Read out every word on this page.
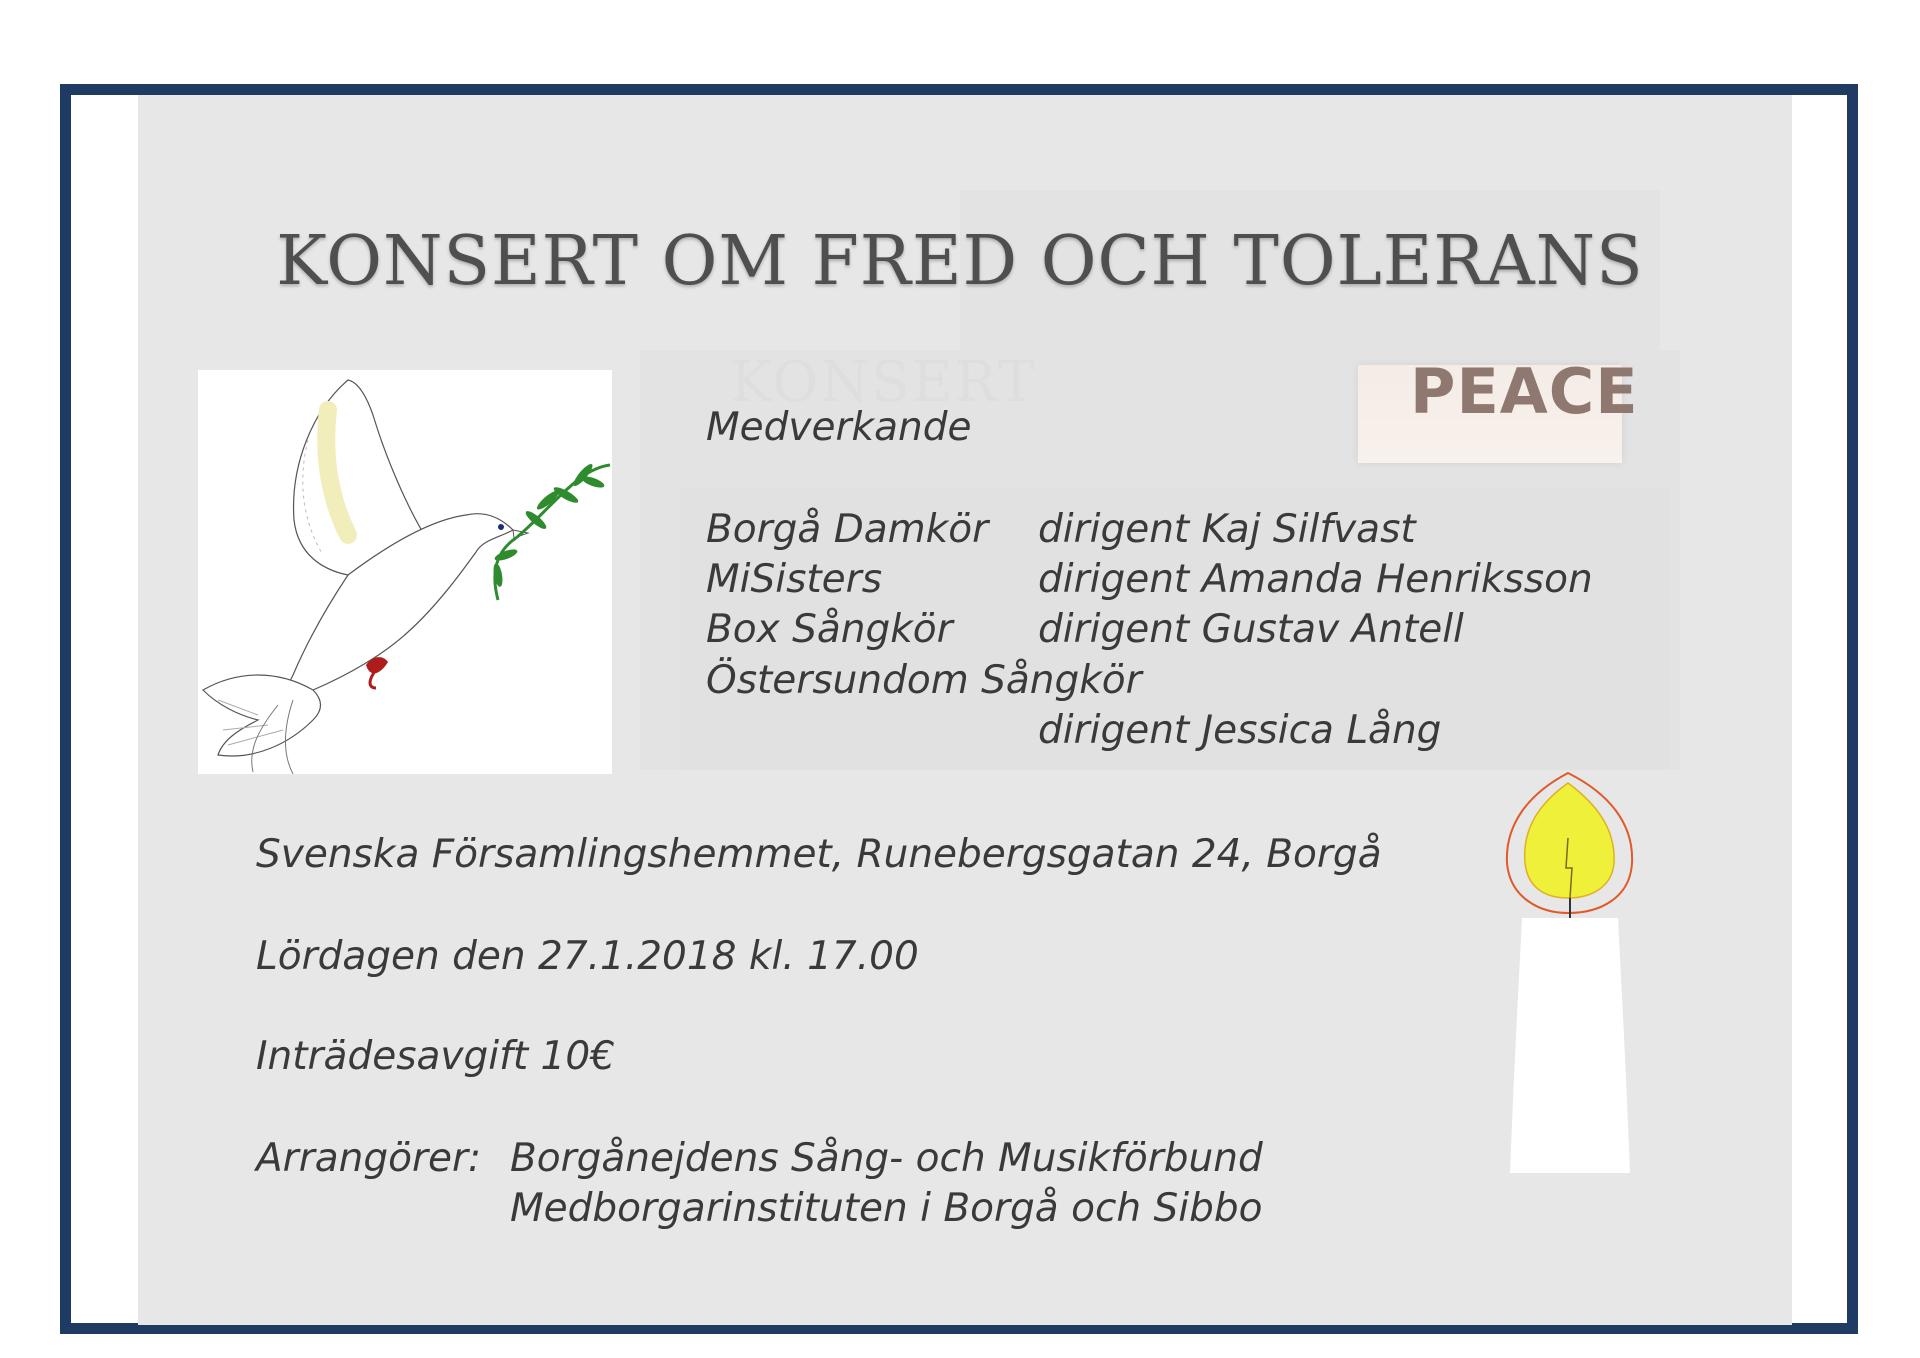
KONSERT
KONSERT OM FRED OCH TOLERANS
PEACE
Medverkande
Borgå Damkör dirigent Kaj Silfvast
MiSisters	dirigent Amanda Henriksson
Box Sångkör dirigent Gustav Antell
Östersundom Sångkör
dirigent Jessica Lång
Svenska Församlingshemmet, Runebergsgatan 24, Borgå
Lördagen den 27.1.2018 kl. 17.00
Inträdesavgift 10€
Arrangörer: Borgånejdens Sång- och Musikförbund
Medborgarinstituten i Borgå och Sibbo
